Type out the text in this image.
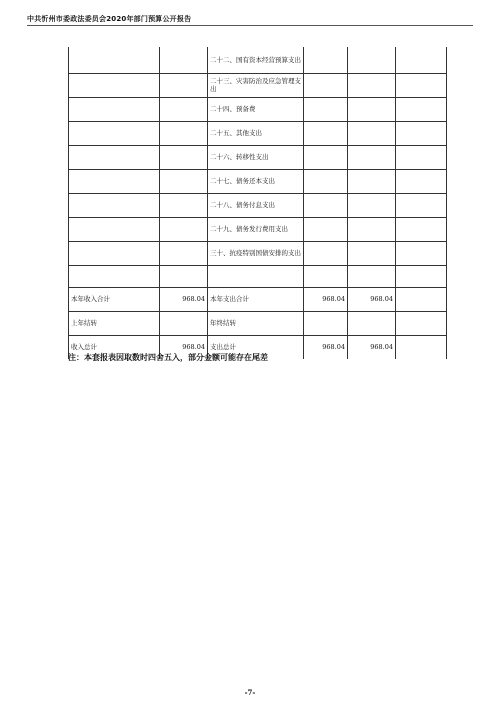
中共忻州市委政法委员会2020年部门预算公开报告
		二十二、国有资本经营预算支出			
		二十三、灾害防治及应急管理支出			
		二十四、预备费			
		二十五、其他支出			
		二十六、转移性支出			
		二十七、债务还本支出			
		二十八、债务付息支出			
		二十九、债务发行费用支出			
		三十、抗疫特别国债安排的支出			

本年收入合计	968.04	本年支出合计	968.04	968.04	
上年结转		年终结转			
收入总计	968.04	支出总计	968.04	968.04	
注：本套报表因取数时四舍五入，部分金额可能存在尾差
-7-
